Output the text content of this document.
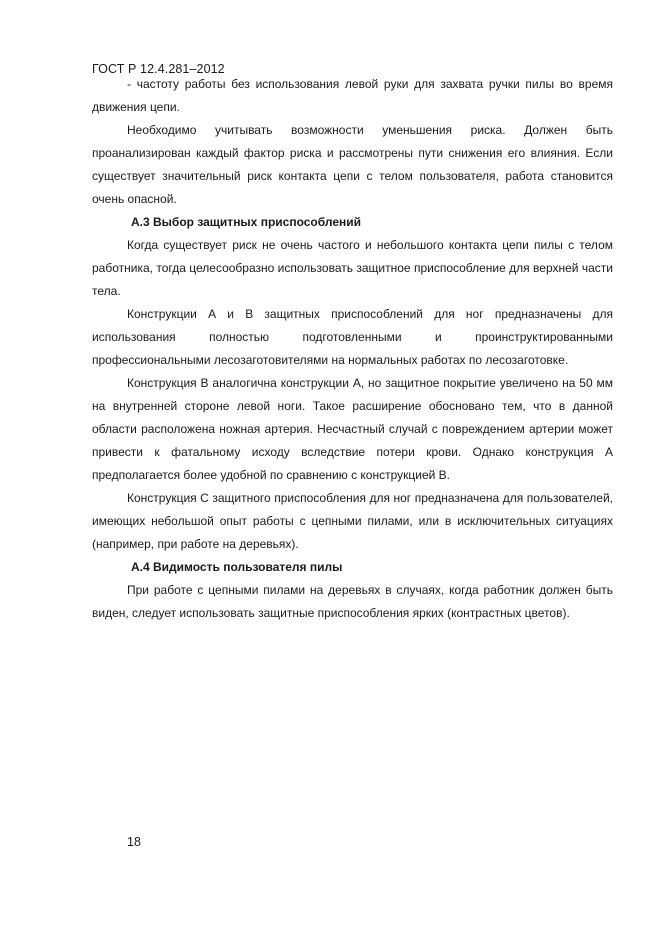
ГОСТ Р 12.4.281–2012

- частоту работы без использования левой руки для захвата ручки пилы во время движения цепи.

Необходимо учитывать возможности уменьшения риска. Должен быть проанализирован каждый фактор риска и рассмотрены пути снижения его влияния. Если существует значительный риск контакта цепи с телом пользователя, работа становится очень опасной.

А.3 Выбор защитных приспособлений

Когда существует риск не очень частого и небольшого контакта цепи пилы с телом работника, тогда целесообразно использовать защитное приспособление для верхней части тела.

Конструкции А и В защитных приспособлений для ног предназначены для использования полностью подготовленными и проинструктированными профессиональными лесозаготовителями на нормальных работах по лесозаготовке.

Конструкция В аналогична конструкции А, но защитное покрытие увеличено на 50 мм на внутренней стороне левой ноги. Такое расширение обосновано тем, что в данной области расположена ножная артерия. Несчастный случай с повреждением артерии может привести к фатальному исходу вследствие потери крови. Однако конструкция А предполагается более удобной по сравнению с конструкцией В.

Конструкция С защитного приспособления для ног предназначена для пользователей, имеющих небольшой опыт работы с цепными пилами, или в исключительных ситуациях (например, при работе на деревьях).

А.4 Видимость пользователя пилы

При работе с цепными пилами на деревьях в случаях, когда работник должен быть виден, следует использовать защитные приспособления ярких (контрастных цветов).

18
